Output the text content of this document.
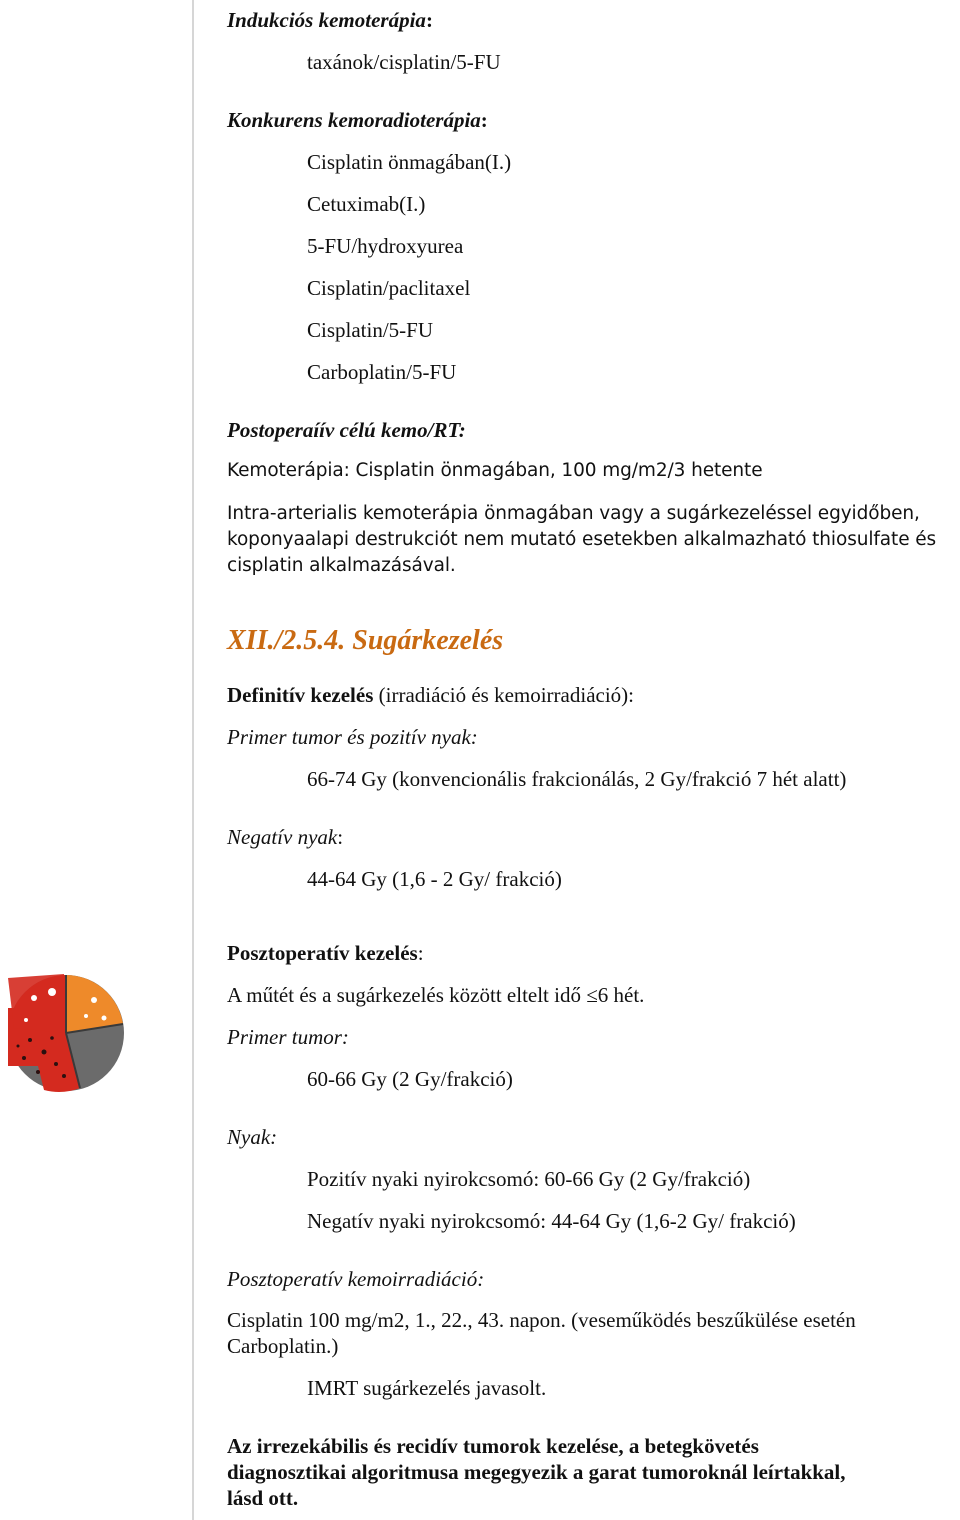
Indukciós kemoterápia:
taxánok/cisplatin/5-FU
Konkurens kemoradioterápia:
Cisplatin önmagában(I.)
Cetuximab(I.)
5-FU/hydroxyurea
Cisplatin/paclitaxel
Cisplatin/5-FU
Carboplatin/5-FU
Postoperaíív célú kemo/RT:
Kemoterápia: Cisplatin önmagában, 100 mg/m2/3 hetente
Intra-arterialis kemoterápia önmagában vagy a sugárkezeléssel egyidőben,
koponyaalapi destrukciót nem mutató esetekben alkalmazható thiosulfate és
cisplatin alkalmazásával.
XII./2.5.4. Sugárkezelés
Definitív kezelés (irradiáció és kemoirradiáció):
Primer tumor és pozitív nyak:
66-74 Gy (konvencionális frakcionálás, 2 Gy/frakció 7 hét alatt)
Negatív nyak:
44-64 Gy (1,6 - 2 Gy/ frakció)
Posztoperatív kezelés:
A műtét és a sugárkezelés között eltelt idő ≤6 hét.
Primer tumor:
60-66 Gy (2 Gy/frakció)
Nyak:
Pozitív nyaki nyirokcsomó: 60-66 Gy (2 Gy/frakció)
Negatív nyaki nyirokcsomó: 44-64 Gy (1,6-2 Gy/ frakció)
Posztoperatív kemoirradiáció:
Cisplatin 100 mg/m2, 1., 22., 43. napon. (veseműködés beszűkülése esetén
Carboplatin.)
IMRT sugárkezelés javasolt.
Az irrezekábilis és recidív tumorok kezelése, a betegkövetés
diagnosztikai algoritmusa megegyezik a garat tumoroknál leírtakkal,
lásd ott.
